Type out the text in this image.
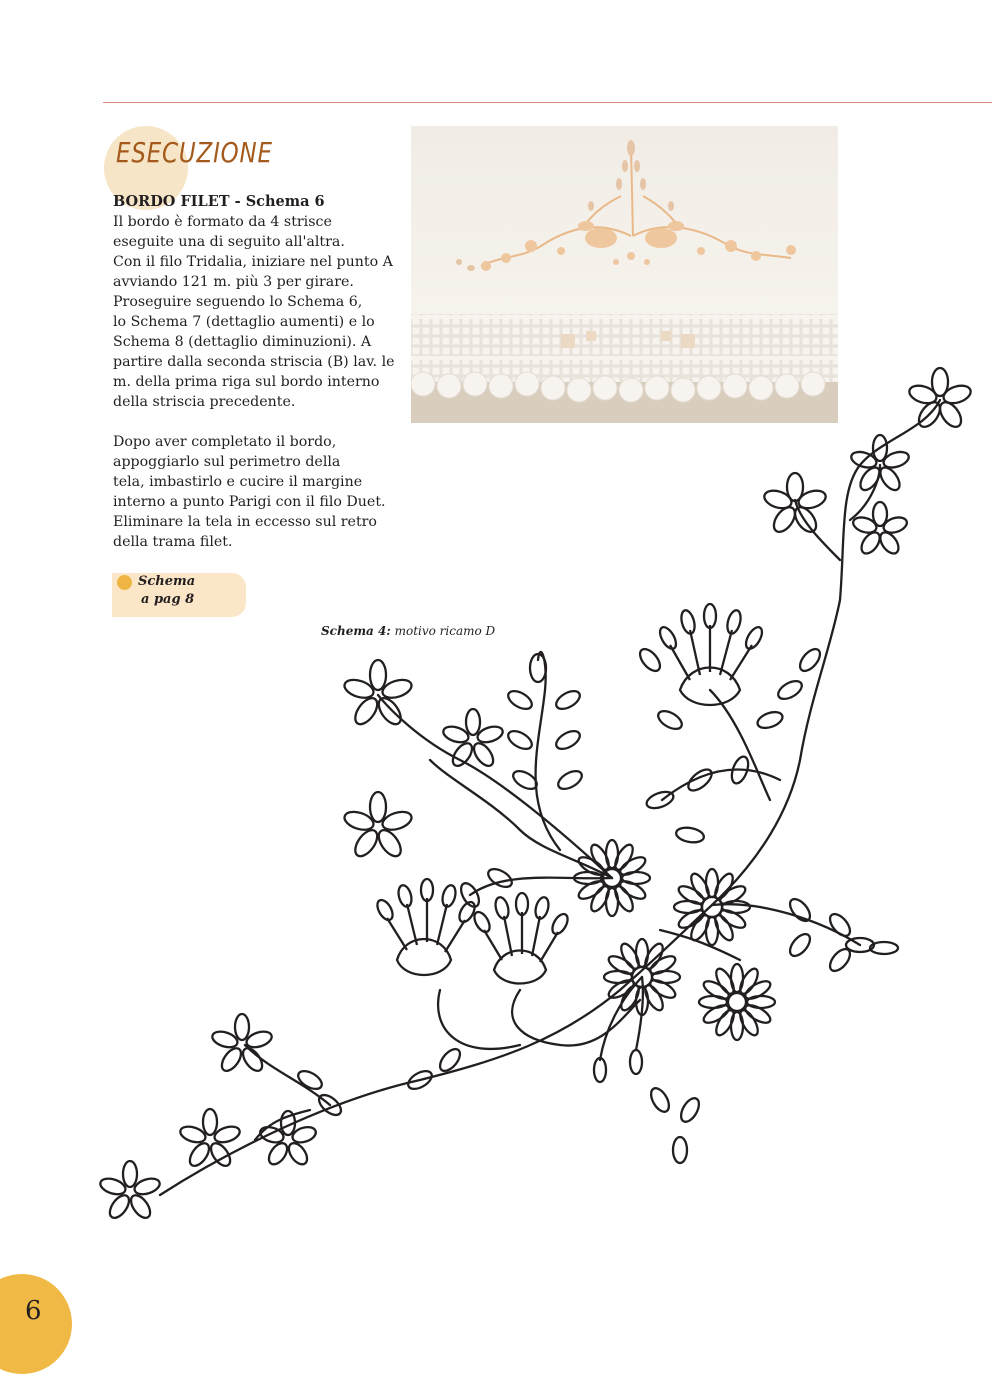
ESECUZIONE
BORDO FILET - Schema 6

Il bordo è formato da 4 strisce
eseguite una di seguito all'altra.
Con il filo Tridalia, iniziare nel punto A
avviando 121 m. più 3 per girare.
Proseguire seguendo lo Schema 6,
lo Schema 7 (dettaglio aumenti) e lo
Schema 8 (dettaglio diminuzioni). A
partire dalla seconda striscia (B) lav. le
m. della prima riga sul bordo interno
della striscia precedente.

Dopo aver completato il bordo,
appoggiarlo sul perimetro della
tela, imbastirlo e cucire il margine
interno a punto Parigi con il filo Duet.
Eliminare la tela in eccesso sul retro
della trama filet.

Schema
a pag 8
Schema 4: motivo ricamo D
6
